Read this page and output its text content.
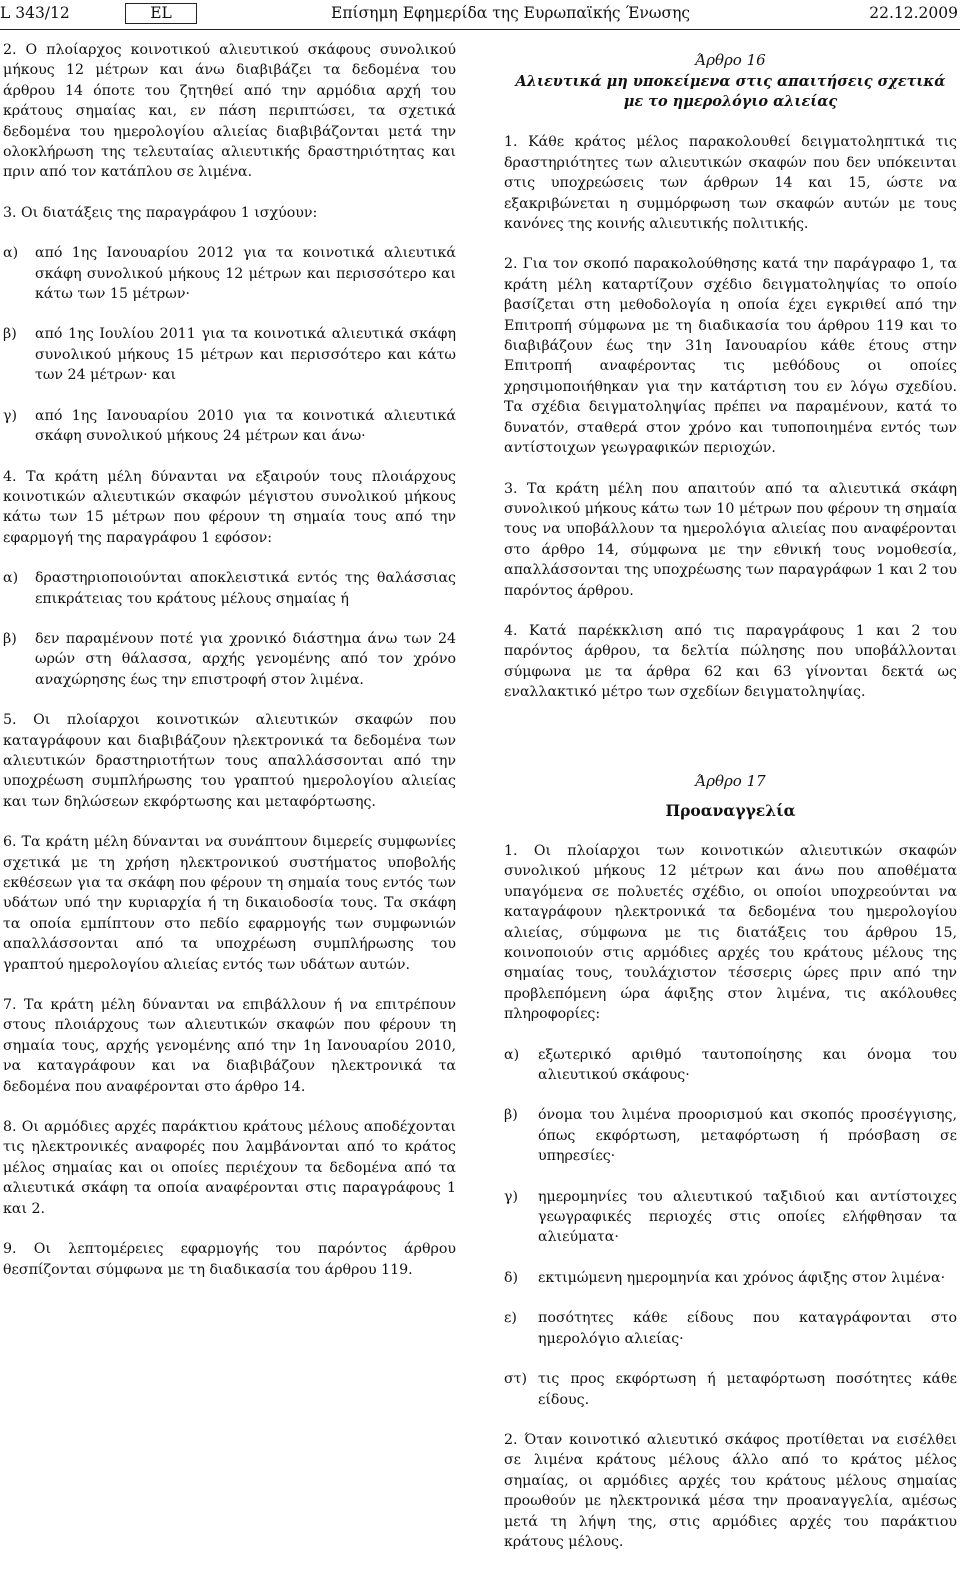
L 343/12	EL	Επίσημη Εφημερίδα της Ευρωπαϊκής Ένωσης	22.12.2009

2. Ο πλοίαρχος κοινοτικού αλιευτικού σκάφους συνολικού μήκους 12 μέτρων και άνω διαβιβάζει τα δεδομένα του άρθρου 14 όποτε του ζητηθεί από την αρμόδια αρχή του κράτους σημαίας και, εν πάση περιπτώσει, τα σχετικά δεδομένα του ημερολογίου αλιείας διαβιβάζονται μετά την ολοκλήρωση της τελευταίας αλιευτικής δραστηριότητας και πριν από τον κατάπλου σε λιμένα.

3. Οι διατάξεις της παραγράφου 1 ισχύουν:

α) από 1ης Ιανουαρίου 2012 για τα κοινοτικά αλιευτικά σκάφη συνολικού μήκους 12 μέτρων και περισσότερο και κάτω των 15 μέτρων·
β) από 1ης Ιουλίου 2011 για τα κοινοτικά αλιευτικά σκάφη συνολικού μήκους 15 μέτρων και περισσότερο και κάτω των 24 μέτρων· και
γ) από 1ης Ιανουαρίου 2010 για τα κοινοτικά αλιευτικά σκάφη συνολικού μήκους 24 μέτρων και άνω·

4. Τα κράτη μέλη δύνανται να εξαιρούν τους πλοιάρχους κοινοτικών αλιευτικών σκαφών μέγιστου συνολικού μήκους κάτω των 15 μέτρων που φέρουν τη σημαία τους από την εφαρμογή της παραγράφου 1 εφόσον:

α) δραστηριοποιούνται αποκλειστικά εντός της θαλάσσιας επικράτειας του κράτους μέλους σημαίας ή
β) δεν παραμένουν ποτέ για χρονικό διάστημα άνω των 24 ωρών στη θάλασσα, αρχής γενομένης από τον χρόνο αναχώρησης έως την επιστροφή στον λιμένα.

5. Οι πλοίαρχοι κοινοτικών αλιευτικών σκαφών που καταγράφουν και διαβιβάζουν ηλεκτρονικά τα δεδομένα των αλιευτικών δραστηριοτήτων τους απαλλάσσονται από την υποχρέωση συμπλήρωσης του γραπτού ημερολογίου αλιείας και των δηλώσεων εκφόρτωσης και μεταφόρτωσης.

6. Τα κράτη μέλη δύνανται να συνάπτουν διμερείς συμφωνίες σχετικά με τη χρήση ηλεκτρονικού συστήματος υποβολής εκθέσεων για τα σκάφη που φέρουν τη σημαία τους εντός των υδάτων υπό την κυριαρχία ή τη δικαιοδοσία τους. Τα σκάφη τα οποία εμπίπτουν στο πεδίο εφαρμογής των συμφωνιών απαλλάσσονται από τα υποχρέωση συμπλήρωσης του γραπτού ημερολογίου αλιείας εντός των υδάτων αυτών.

7. Τα κράτη μέλη δύνανται να επιβάλλουν ή να επιτρέπουν στους πλοιάρχους των αλιευτικών σκαφών που φέρουν τη σημαία τους, αρχής γενομένης από την 1η Ιανουαρίου 2010, να καταγράφουν και να διαβιβάζουν ηλεκτρονικά τα δεδομένα που αναφέρονται στο άρθρο 14.

8. Οι αρμόδιες αρχές παράκτιου κράτους μέλους αποδέχονται τις ηλεκτρονικές αναφορές που λαμβάνονται από το κράτος μέλος σημαίας και οι οποίες περιέχουν τα δεδομένα από τα αλιευτικά σκάφη τα οποία αναφέρονται στις παραγράφους 1 και 2.

9. Οι λεπτομέρειες εφαρμογής του παρόντος άρθρου θεσπίζονται σύμφωνα με τη διαδικασία του άρθρου 119.

Άρθρο 16
Αλιευτικά μη υποκείμενα στις απαιτήσεις σχετικά με το ημερολόγιο αλιείας

1. Κάθε κράτος μέλος παρακολουθεί δειγματοληπτικά τις δραστηριότητες των αλιευτικών σκαφών που δεν υπόκεινται στις υποχρεώσεις των άρθρων 14 και 15, ώστε να εξακριβώνεται η συμμόρφωση των σκαφών αυτών με τους κανόνες της κοινής αλιευτικής πολιτικής.

2. Για τον σκοπό παρακολούθησης κατά την παράγραφο 1, τα κράτη μέλη καταρτίζουν σχέδιο δειγματοληψίας το οποίο βασίζεται στη μεθοδολογία η οποία έχει εγκριθεί από την Επιτροπή σύμφωνα με τη διαδικασία του άρθρου 119 και το διαβιβάζουν έως την 31η Ιανουαρίου κάθε έτους στην Επιτροπή αναφέροντας τις μεθόδους οι οποίες χρησιμοποιήθηκαν για την κατάρτιση του εν λόγω σχεδίου. Τα σχέδια δειγματοληψίας πρέπει να παραμένουν, κατά το δυνατόν, σταθερά στον χρόνο και τυποποιημένα εντός των αντίστοιχων γεωγραφικών περιοχών.

3. Τα κράτη μέλη που απαιτούν από τα αλιευτικά σκάφη συνολικού μήκους κάτω των 10 μέτρων που φέρουν τη σημαία τους να υποβάλλουν τα ημερολόγια αλιείας που αναφέρονται στο άρθρο 14, σύμφωνα με την εθνική τους νομοθεσία, απαλλάσσονται της υποχρέωσης των παραγράφων 1 και 2 του παρόντος άρθρου.

4. Κατά παρέκκλιση από τις παραγράφους 1 και 2 του παρόντος άρθρου, τα δελτία πώλησης που υποβάλλονται σύμφωνα με τα άρθρα 62 και 63 γίνονται δεκτά ως εναλλακτικό μέτρο των σχεδίων δειγματοληψίας.

Άρθρο 17
Προαναγγελία

1. Οι πλοίαρχοι των κοινοτικών αλιευτικών σκαφών συνολικού μήκους 12 μέτρων και άνω που αποθέματα υπαγόμενα σε πολυετές σχέδιο, οι οποίοι υποχρεούνται να καταγράφουν ηλεκτρονικά τα δεδομένα του ημερολογίου αλιείας, σύμφωνα με τις διατάξεις του άρθρου 15, κοινοποιούν στις αρμόδιες αρχές του κράτους μέλους της σημαίας τους, τουλάχιστον τέσσερις ώρες πριν από την προβλεπόμενη ώρα άφιξης στον λιμένα, τις ακόλουθες πληροφορίες:

α) εξωτερικό αριθμό ταυτοποίησης και όνομα του αλιευτικού σκάφους·
β) όνομα του λιμένα προορισμού και σκοπός προσέγγισης, όπως εκφόρτωση, μεταφόρτωση ή πρόσβαση σε υπηρεσίες·
γ) ημερομηνίες του αλιευτικού ταξιδιού και αντίστοιχες γεωγραφικές περιοχές στις οποίες ελήφθησαν τα αλιεύματα·
δ) εκτιμώμενη ημερομηνία και χρόνος άφιξης στον λιμένα·
ε) ποσότητες κάθε είδους που καταγράφονται στο ημερολόγιο αλιείας·
στ) τις προς εκφόρτωση ή μεταφόρτωση ποσότητες κάθε είδους.

2. Όταν κοινοτικό αλιευτικό σκάφος προτίθεται να εισέλθει σε λιμένα κράτους μέλους άλλο από το κράτος μέλος σημαίας, οι αρμόδιες αρχές του κράτους μέλους σημαίας προωθούν με ηλεκτρονικά μέσα την προαναγγελία, αμέσως μετά τη λήψη της, στις αρμόδιες αρχές του παράκτιου κράτους μέλους.
